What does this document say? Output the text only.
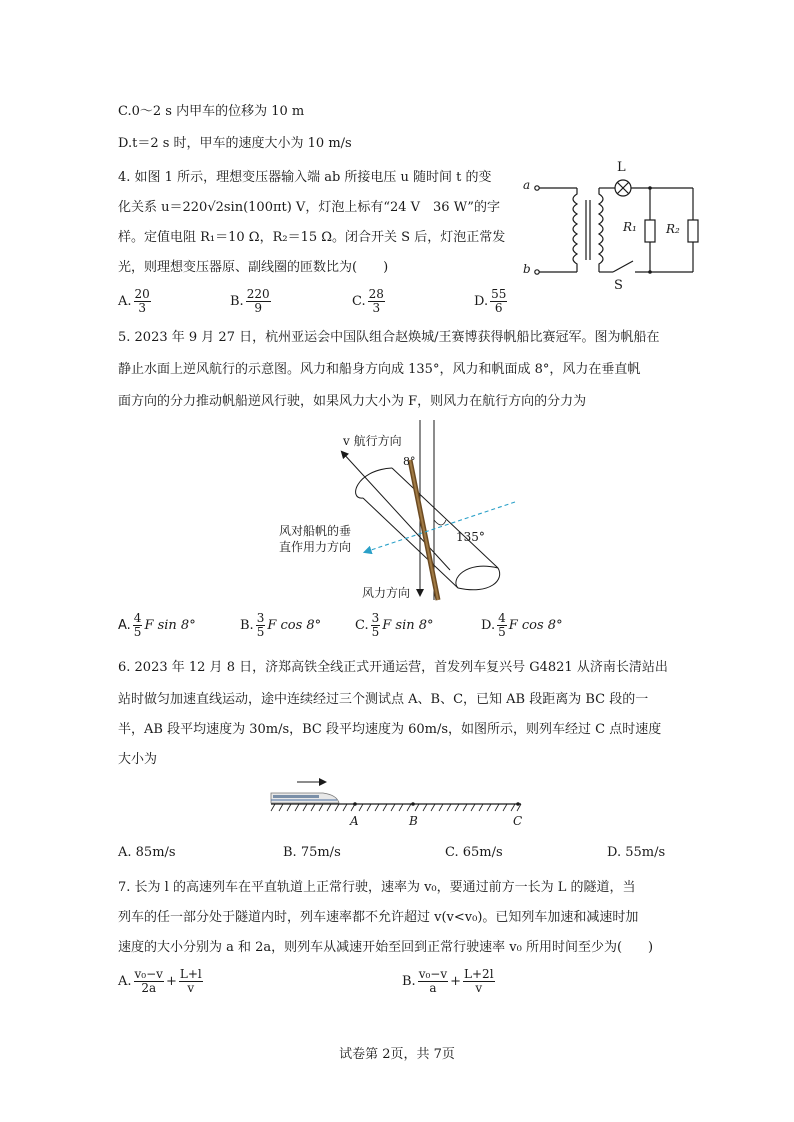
C.0～2 s 内甲车的位移为 10 m
D.t＝2 s 时，甲车的速度大小为 10 m/s
4. 如图 1 所示，理想变压器输入端 ab 所接电压 u 随时间 t 的变
化关系 u＝220√2sin(100πt) V，灯泡上标有“24 V　36 W”的字
样。定值电阻 R₁＝10 Ω，R₂＝15 Ω。闭合开关 S 后，灯泡正常发
光，则理想变压器原、副线圈的匝数比为(　　)
A. $\frac{20}{3}$	B. $\frac{220}{9}$	C. $\frac{28}{3}$	D. $\frac{55}{6}$
a
b
L
R₁ R₂
S
5. 2023 年 9 月 27 日，杭州亚运会中国队组合赵焕城/王赛博获得帆船比赛冠军。图为帆船在
静止水面上逆风航行的示意图。风力和船身方向成 135°，风力和帆面成 8°，风力在垂直帆
面方向的分力推动帆船逆风行驶，如果风力大小为 F，则风力在航行方向的分力为
v 航行方向
8°
135°
风对船帆的垂
直作用力方向
风力方向
A. $\frac{4}{5}$ F sin 8°	B. $\frac{3}{5}$ F cos 8°	C. $\frac{3}{5}$ F sin 8°	D. $\frac{4}{5}$ F cos 8°
6. 2023 年 12 月 8 日，济郑高铁全线正式开通运营，首发列车复兴号 G4821 从济南长清站出
站时做匀加速直线运动，途中连续经过三个测试点 A、B、C，已知 AB 段距离为 BC 段的一
半，AB 段平均速度为 30m/s，BC 段平均速度为 60m/s，如图所示，则列车经过 C 点时速度
大小为
A	B	C
A. 85m/s	B. 75m/s	C. 65m/s	D. 55m/s
7. 长为 l 的高速列车在平直轨道上正常行驶，速率为 v₀，要通过前方一长为 L 的隧道，当
列车的任一部分处于隧道内时，列车速率都不允许超过 v(v<v₀)。已知列车加速和减速时加
速度的大小分别为 a 和 2a，则列车从减速开始至回到正常行驶速率 v₀ 所用时间至少为(　　)
A. $\frac{\text{v₀−v}}{2a} + \frac{L+l}{v}$	B. $\frac{\text{v₀−v}}{a} + \frac{L+2l}{v}$
试卷第 2页，共 7页
